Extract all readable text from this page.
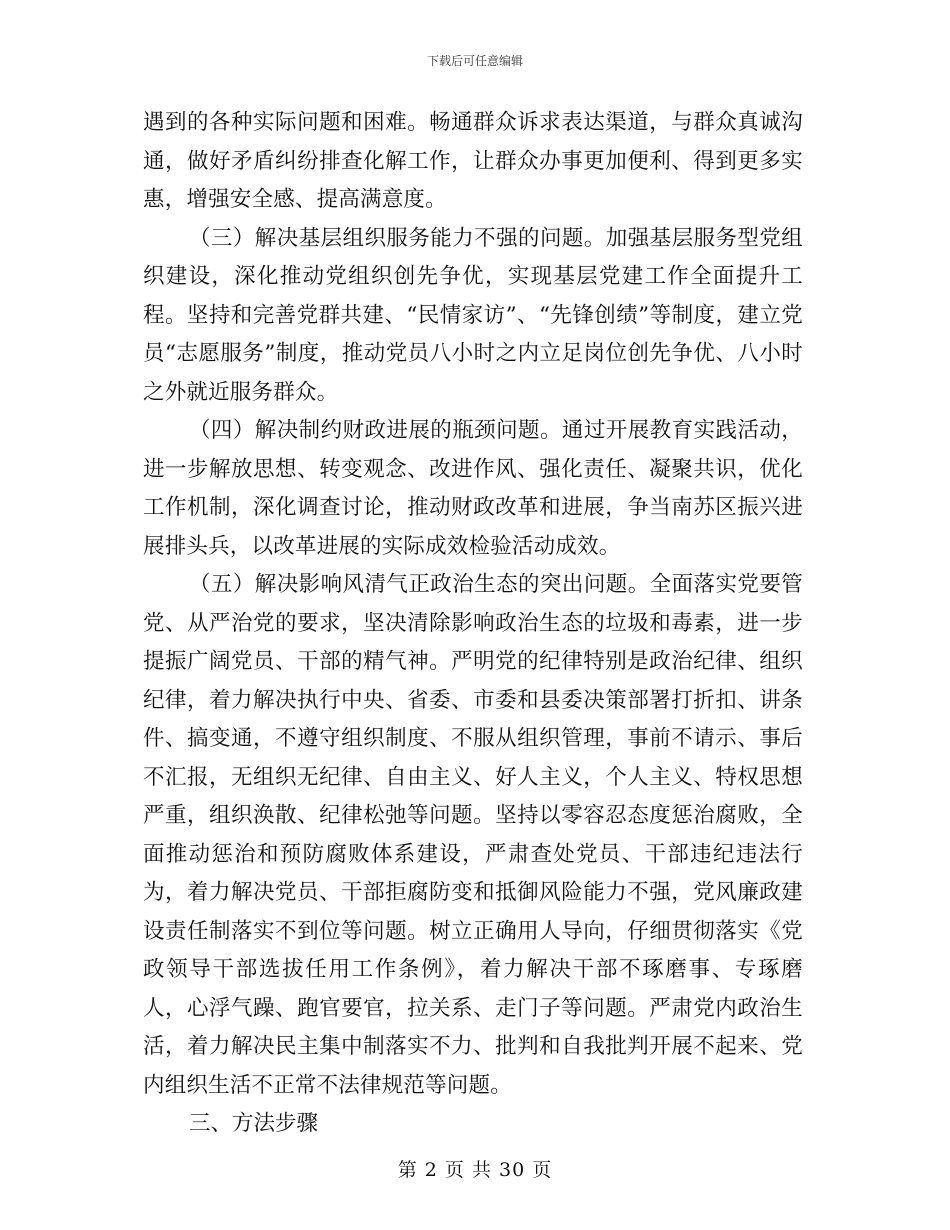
下载后可任意编辑

遇到的各种实际问题和困难。畅通群众诉求表达渠道，与群众真诚沟通，做好矛盾纠纷排查化解工作，让群众办事更加便利、得到更多实惠，增强安全感、提高满意度。

（三）解决基层组织服务能力不强的问题。加强基层服务型党组织建设，深化推动党组织创先争优，实现基层党建工作全面提升工程。坚持和完善党群共建、“民情家访”、“先锋创绩”等制度，建立党员“志愿服务”制度，推动党员八小时之内立足岗位创先争优、八小时之外就近服务群众。

（四）解决制约财政进展的瓶颈问题。通过开展教育实践活动，进一步解放思想、转变观念、改进作风、强化责任、凝聚共识，优化工作机制，深化调查讨论，推动财政改革和进展，争当南苏区振兴进展排头兵，以改革进展的实际成效检验活动成效。

（五）解决影响风清气正政治生态的突出问题。全面落实党要管党、从严治党的要求，坚决清除影响政治生态的垃圾和毒素，进一步提振广阔党员、干部的精气神。严明党的纪律特别是政治纪律、组织纪律，着力解决执行中央、省委、市委和县委决策部署打折扣、讲条件、搞变通，不遵守组织制度、不服从组织管理，事前不请示、事后不汇报，无组织无纪律、自由主义、好人主义，个人主义、特权思想严重，组织涣散、纪律松弛等问题。坚持以零容忍态度惩治腐败，全面推动惩治和预防腐败体系建设，严肃查处党员、干部违纪违法行为，着力解决党员、干部拒腐防变和抵御风险能力不强，党风廉政建设责任制落实不到位等问题。树立正确用人导向，仔细贯彻落实《党政领导干部选拔任用工作条例》，着力解决干部不琢磨事、专琢磨人，心浮气躁、跑官要官，拉关系、走门子等问题。严肃党内政治生活，着力解决民主集中制落实不力、批判和自我批判开展不起来、党内组织生活不正常不法律规范等问题。

三、方法步骤

第 2 页 共 30 页
